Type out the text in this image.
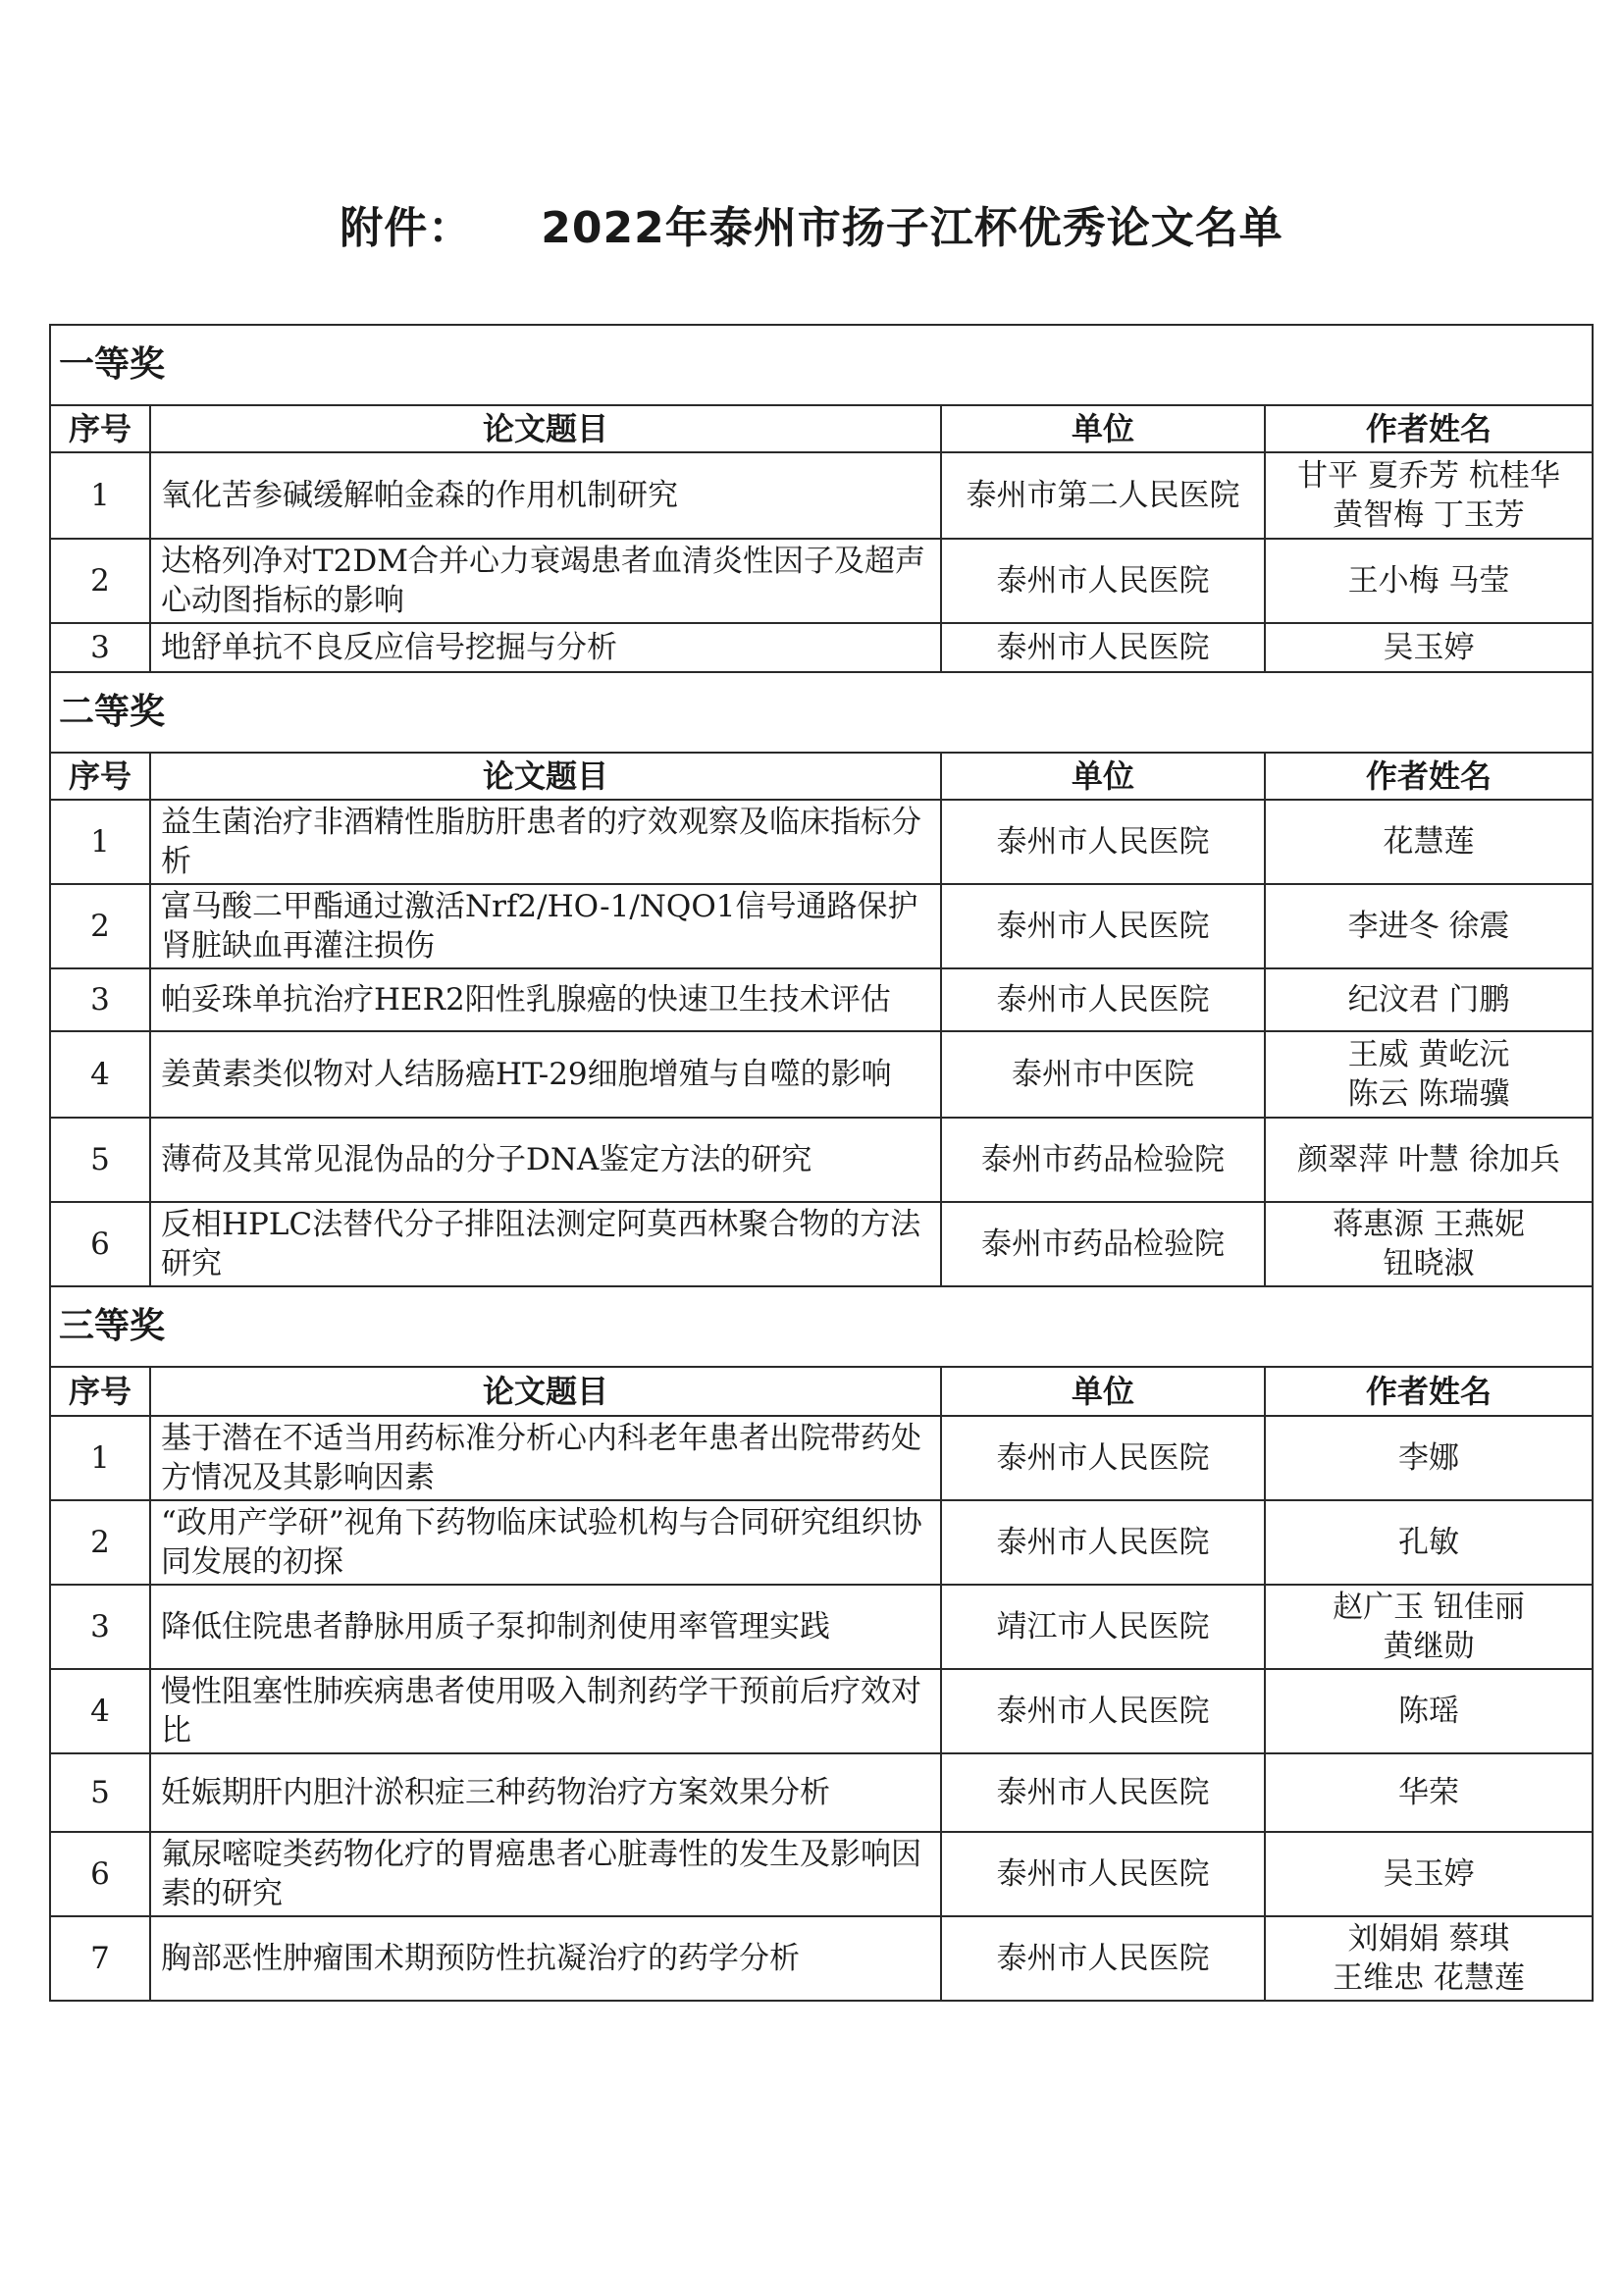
附件： 2022年泰州市扬子江杯优秀论文名单
一等奖			
序号	论文题目	单位	作者姓名
1	氧化苦参碱缓解帕金森的作用机制研究	泰州市第二人民医院	甘平 夏乔芳 杭桂华
黄智梅 丁玉芳

2	达格列净对T2DM合并心力衰竭患者血清炎性因子及超声心动图指标的影响	泰州市人民医院	王小梅 马莹

3	地舒单抗不良反应信号挖掘与分析	泰州市人民医院	吴玉婷

二等奖			
序号	论文题目	单位	作者姓名
1	益生菌治疗非酒精性脂肪肝患者的疗效观察及临床指标分析	泰州市人民医院	花慧莲

2	富马酸二甲酯通过激活Nrf2/HO-1/NQO1信号通路保护肾脏缺血再灌注损伤	泰州市人民医院	李进冬 徐震

3	帕妥珠单抗治疗HER2阳性乳腺癌的快速卫生技术评估	泰州市人民医院	纪汶君 门鹏

4	姜黄素类似物对人结肠癌HT-29细胞增殖与自噬的影响	泰州市中医院	王威 黄屹沅
陈云 陈瑞骥

5	薄荷及其常见混伪品的分子DNA鉴定方法的研究	泰州市药品检验院	颜翠萍 叶慧 徐加兵

6	反相HPLC法替代分子排阻法测定阿莫西林聚合物的方法研究	泰州市药品检验院	蒋惠源 王燕妮
钮晓淑

三等奖			
序号	论文题目	单位	作者姓名
1	基于潜在不适当用药标准分析心内科老年患者出院带药处方情况及其影响因素	泰州市人民医院	李娜

2	“政用产学研”视角下药物临床试验机构与合同研究组织协同发展的初探	泰州市人民医院	孔敏

3	降低住院患者静脉用质子泵抑制剂使用率管理实践	靖江市人民医院	赵广玉 钮佳丽
黄继勋

4	慢性阻塞性肺疾病患者使用吸入制剂药学干预前后疗效对比	泰州市人民医院	陈瑶

5	妊娠期肝内胆汁淤积症三种药物治疗方案效果分析	泰州市人民医院	华荣

6	氟尿嘧啶类药物化疗的胃癌患者心脏毒性的发生及影响因素的研究	泰州市人民医院	吴玉婷

7	胸部恶性肿瘤围术期预防性抗凝治疗的药学分析	泰州市人民医院	刘娟娟 蔡琪
王维忠 花慧莲
